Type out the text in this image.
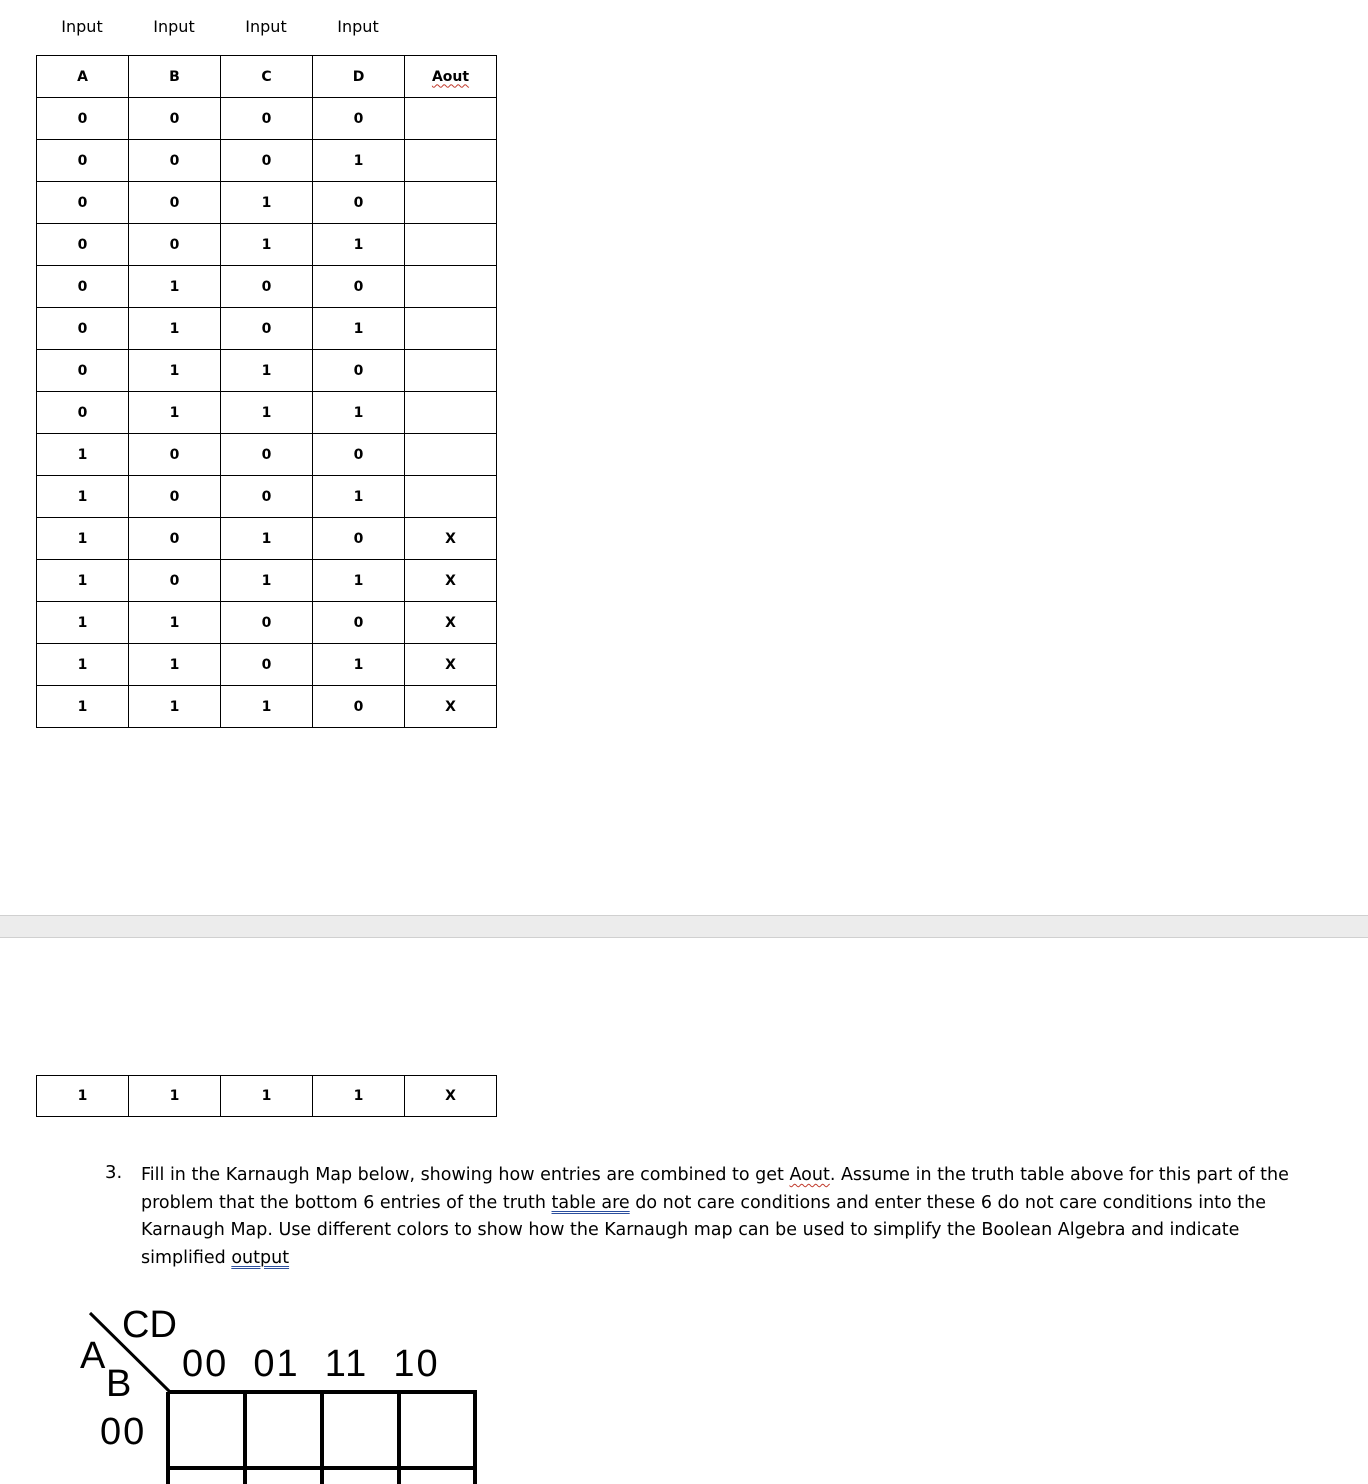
Input	Input	Input	Input
A	B	C	D	Aout
0	0	0	0	
0	0	0	1	
0	0	1	0	
0	0	1	1	
0	1	0	0	
0	1	0	1	
0	1	1	0	
0	1	1	1	
1	0	0	0	
1	0	0	1	
1	0	1	0	X
1	0	1	1	X
1	1	0	0	X
1	1	0	1	X
1	1	1	0	X
1	1	1	1	X
3. Fill in the Karnaugh Map below, showing how entries are combined to get Aout. Assume in the truth table above for this part of the problem that the bottom 6 entries of the truth table are do not care conditions and enter these 6 do not care conditions into the Karnaugh Map. Use different colors to show how the Karnaugh map can be used to simplify the Boolean Algebra and indicate simplified output
CD
A
B 00  01  11  10
00
